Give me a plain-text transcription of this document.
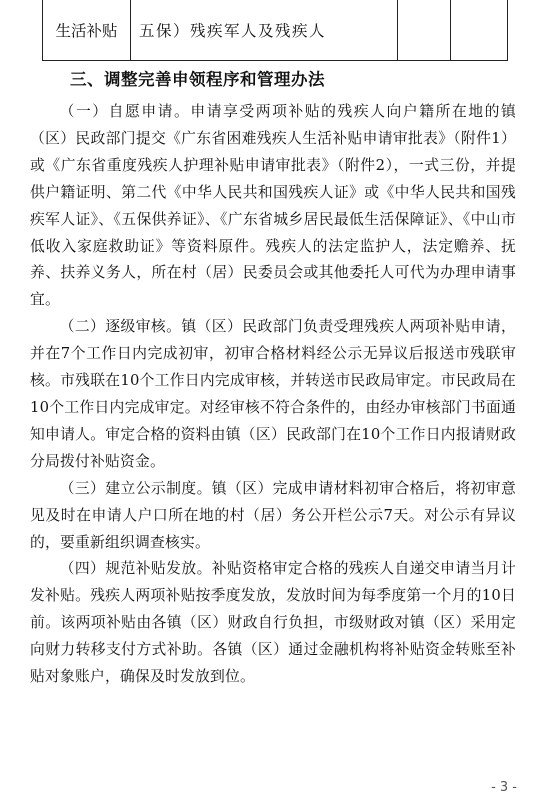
生活补贴	五保）残疾军人及残疾人		
三、调整完善申领程序和管理办法

（一）自愿申请。申请享受两项补贴的残疾人向户籍所在地的镇（区）民政部门提交《广东省困难残疾人生活补贴申请审批表》（附件1）或《广东省重度残疾人护理补贴申请审批表》（附件2），一式三份，并提供户籍证明、第二代《中华人民共和国残疾人证》或《中华人民共和国残疾军人证》、《五保供养证》、《广东省城乡居民最低生活保障证》、《中山市低收入家庭救助证》等资料原件。残疾人的法定监护人，法定赡养、抚养、扶养义务人，所在村（居）民委员会或其他委托人可代为办理申请事宜。

（二）逐级审核。镇（区）民政部门负责受理残疾人两项补贴申请，并在7个工作日内完成初审，初审合格材料经公示无异议后报送市残联审核。市残联在10个工作日内完成审核，并转送市民政局审定。市民政局在10个工作日内完成审定。对经审核不符合条件的，由经办审核部门书面通知申请人。审定合格的资料由镇（区）民政部门在10个工作日内报请财政分局拨付补贴资金。

（三）建立公示制度。镇（区）完成申请材料初审合格后，将初审意见及时在申请人户口所在地的村（居）务公开栏公示7天。对公示有异议的，要重新组织调查核实。

（四）规范补贴发放。补贴资格审定合格的残疾人自递交申请当月计发补贴。残疾人两项补贴按季度发放，发放时间为每季度第一个月的10日前。该两项补贴由各镇（区）财政自行负担，市级财政对镇（区）采用定向财力转移支付方式补助。各镇（区）通过金融机构将补贴资金转账至补贴对象账户，确保及时发放到位。

- 3 -
